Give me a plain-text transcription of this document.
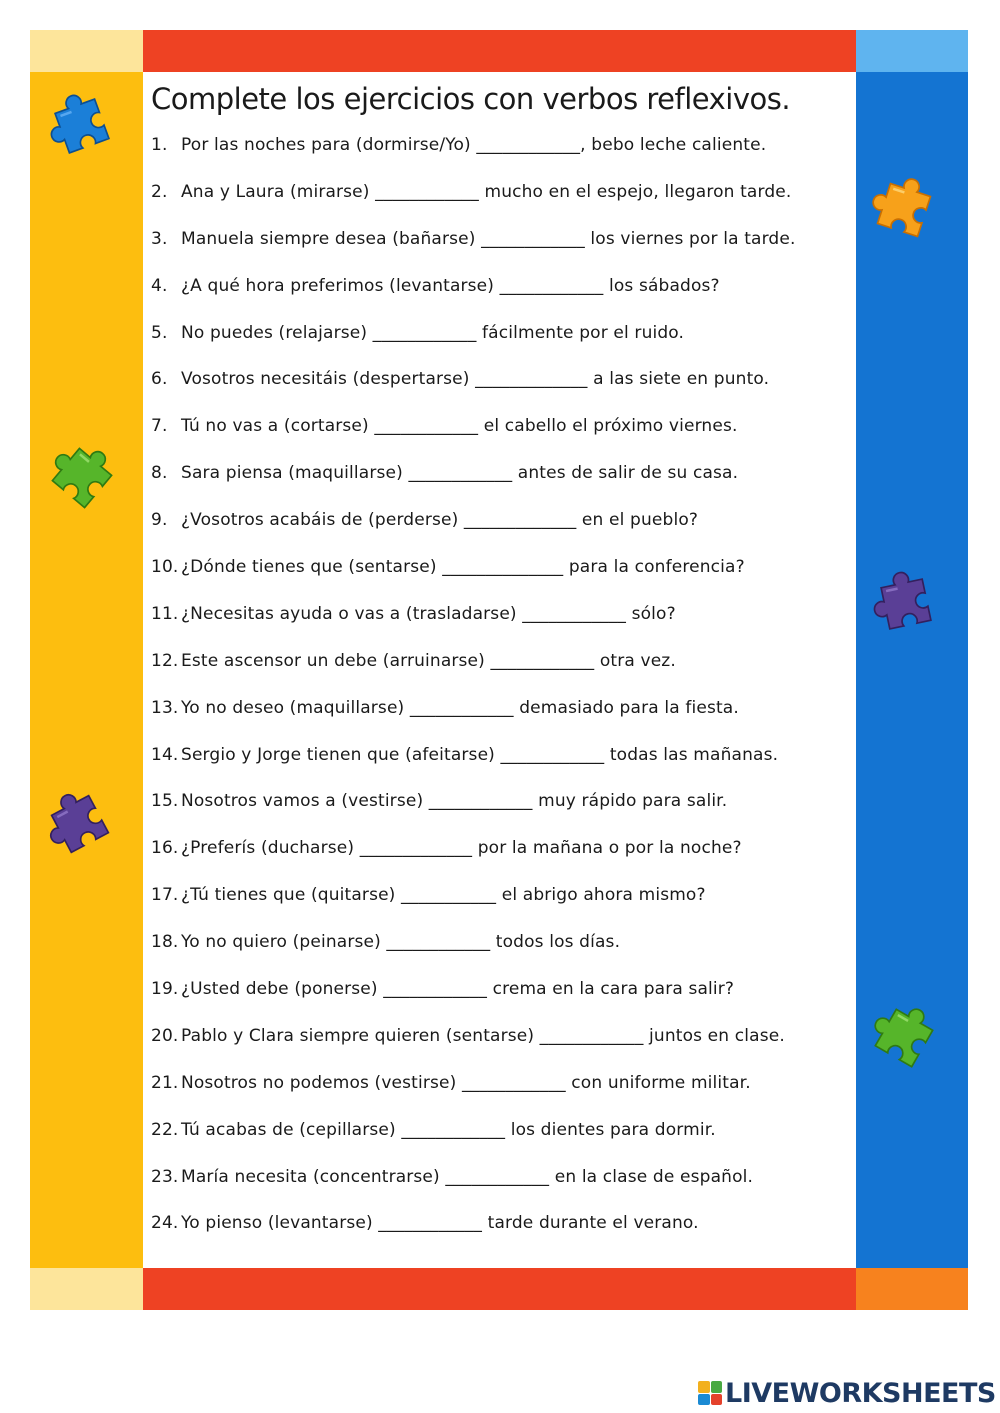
Complete los ejercicios con verbos reflexivos.
1. Por las noches para (dormirse/Yo) ____________, bebo leche caliente.
2. Ana y Laura (mirarse) ____________ mucho en el espejo, llegaron tarde.
3. Manuela siempre desea (bañarse) ____________ los viernes por la tarde.
4. ¿A qué hora preferimos (levantarse) ____________ los sábados?
5. No puedes (relajarse) ____________ fácilmente por el ruido.
6. Vosotros necesitáis (despertarse) _____________ a las siete en punto.
7. Tú no vas a (cortarse) ____________ el cabello el próximo viernes.
8. Sara piensa (maquillarse) ____________ antes de salir de su casa.
9. ¿Vosotros acabáis de (perderse) _____________ en el pueblo?
10. ¿Dónde tienes que (sentarse) ______________ para la conferencia?
11. ¿Necesitas ayuda o vas a (trasladarse) ____________ sólo?
12. Este ascensor un debe (arruinarse) ____________ otra vez.
13. Yo no deseo (maquillarse) ____________ demasiado para la fiesta.
14. Sergio y Jorge tienen que (afeitarse) ____________ todas las mañanas.
15. Nosotros vamos a (vestirse) ____________ muy rápido para salir.
16. ¿Preferís (ducharse) _____________ por la mañana o por la noche?
17. ¿Tú tienes que (quitarse) ___________ el abrigo ahora mismo?
18. Yo no quiero (peinarse) ____________ todos los días.
19. ¿Usted debe (ponerse) ____________ crema en la cara para salir?
20. Pablo y Clara siempre quieren (sentarse) ____________ juntos en clase.
21. Nosotros no podemos (vestirse) ____________ con uniforme militar.
22. Tú acabas de (cepillarse) ____________ los dientes para dormir.
23. María necesita (concentrarse) ____________ en la clase de español.
24. Yo pienso (levantarse) ____________ tarde durante el verano.
LIVEWORKSHEETS
